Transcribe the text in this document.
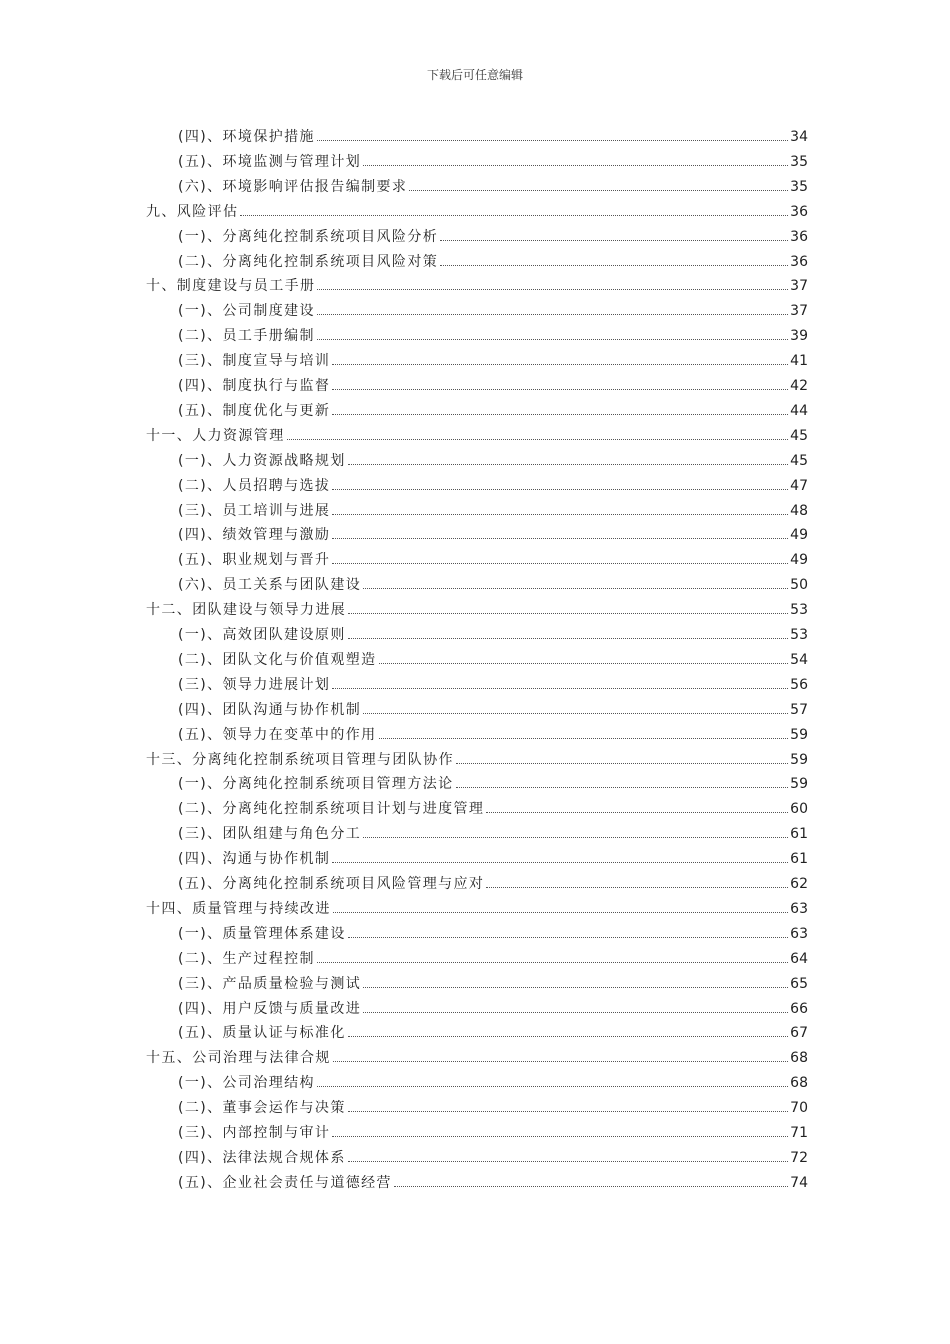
下载后可任意编辑
(四)、环境保护措施	34
(五)、环境监测与管理计划	35
(六)、环境影响评估报告编制要求	35
九、风险评估	36
(一)、分离纯化控制系统项目风险分析	36
(二)、分离纯化控制系统项目风险对策	36
十、制度建设与员工手册	37
(一)、公司制度建设	37
(二)、员工手册编制	39
(三)、制度宣导与培训	41
(四)、制度执行与监督	42
(五)、制度优化与更新	44
十一、人力资源管理	45
(一)、人力资源战略规划	45
(二)、人员招聘与选拔	47
(三)、员工培训与进展	48
(四)、绩效管理与激励	49
(五)、职业规划与晋升	49
(六)、员工关系与团队建设	50
十二、团队建设与领导力进展	53
(一)、高效团队建设原则	53
(二)、团队文化与价值观塑造	54
(三)、领导力进展计划	56
(四)、团队沟通与协作机制	57
(五)、领导力在变革中的作用	59
十三、分离纯化控制系统项目管理与团队协作	59
(一)、分离纯化控制系统项目管理方法论	59
(二)、分离纯化控制系统项目计划与进度管理	60
(三)、团队组建与角色分工	61
(四)、沟通与协作机制	61
(五)、分离纯化控制系统项目风险管理与应对	62
十四、质量管理与持续改进	63
(一)、质量管理体系建设	63
(二)、生产过程控制	64
(三)、产品质量检验与测试	65
(四)、用户反馈与质量改进	66
(五)、质量认证与标准化	67
十五、公司治理与法律合规	68
(一)、公司治理结构	68
(二)、董事会运作与决策	70
(三)、内部控制与审计	71
(四)、法律法规合规体系	72
(五)、企业社会责任与道德经营	74
